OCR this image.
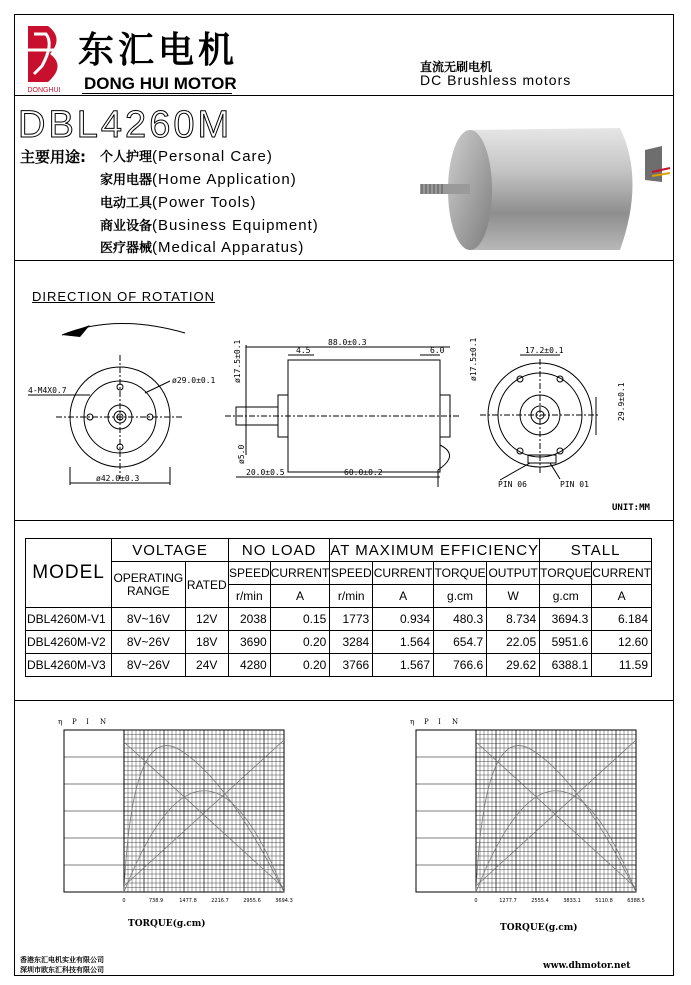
DONGHUI
东汇电机
DONG HUI MOTOR
直流无刷电机
DC Brushless motors
DBL4260M
主要用途: 个人护理(Personal Care)
家用电器(Home Application)
电动工具(Power Tools)
商业设备(Business Equipment)
医疗器械(Medical Apparatus)
DIRECTION OF ROTATION
4-M4X0.7
ø29.0±0.1
ø42.0±0.3
ø17.5±0.1	88.0±0.3
4.5	6.0	ø17.5±0.1
ø5.0
20.0±0.5	60.0±0.2
17.2±0.1
29.9±0.1
PIN 06	PIN 01
UNIT:MM
MODEL	VOLTAGE		NO LOAD		AT MAXIMUM EFFICIENCY				STALL	
	OPERATING RANGE	RATED	SPEED	CURRENT	SPEED	CURRENT	TORQUE	OUTPUT	TORQUE	CURRENT
			r/min	A	r/min	A	g.cm	W	g.cm	A
DBL4260M-V1	8V~16V	12V	2038	0.15	1773	0.934	480.3	8.734	3694.3	6.184
DBL4260M-V2	8V~26V	18V	3690	0.20	3284	1.564	654.7	22.05	5951.6	12.60
DBL4260M-V3	8V~26V	24V	4280	0.20	3766	1.567	766.6	29.62	6388.1	11.59
η P I N
0	738.9	1477.8	2216.7	2955.6	3694.3
η P I N
0	1277.7	2555.4	3833.1	5110.8	6388.5
TORQUE(g.cm)	TORQUE(g.cm)
香港东汇电机实业有限公司
深圳市欧东汇科技有限公司	www.dhmotor.net
